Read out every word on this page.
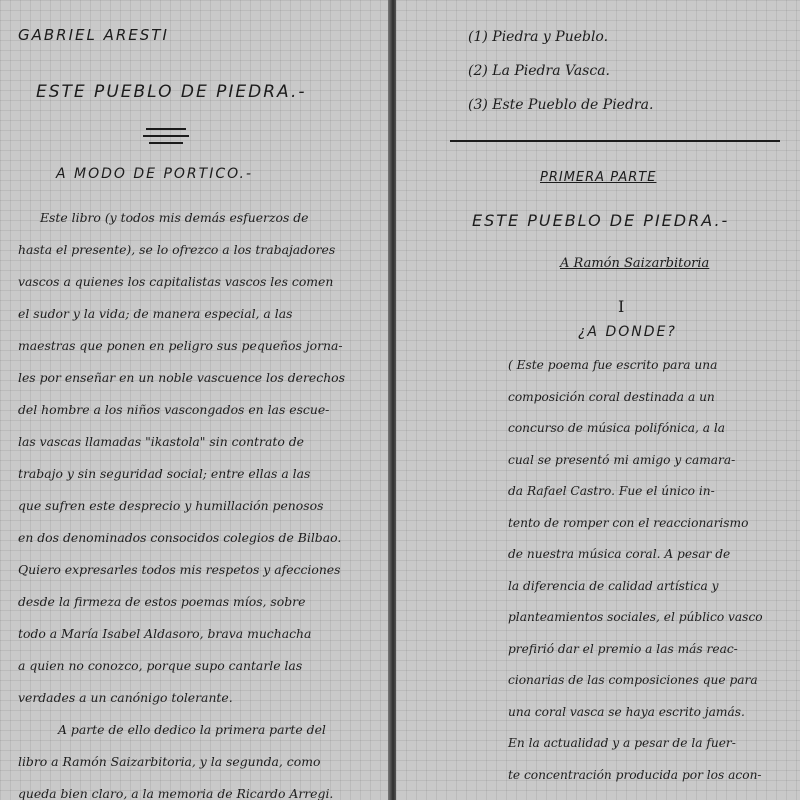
GABRIEL ARESTI
ESTE PUEBLO DE PIEDRA.-
A MODO DE PORTICO.-
Este libro (y todos mis demás esfuerzos de
hasta el presente), se lo ofrezco a los trabajadores
vascos a quienes los capitalistas vascos les comen
el sudor y la vida; de manera especial, a las
maestras que ponen en peligro sus pequeños jorna-
les por enseñar en un noble vascuence los derechos
del hombre a los niños vascongados en las escue-
las vascas llamadas "ikastola" sin contrato de
trabajo y sin seguridad social; entre ellas a las
que sufren este desprecio y humillación penosos
en dos denominados consocidos colegios de Bilbao.
Quiero expresarles todos mis respetos y afecciones
desde la firmeza de estos poemas míos, sobre
todo a María Isabel Aldasoro, brava muchacha
a quien no conozco, porque supo cantarle las
verdades a un canónigo tolerante.
A parte de ello dedico la primera parte del
libro a Ramón Saizarbitoria, y la segunda, como
queda bien claro, a la memoria de Ricardo Arregi.
(1) Piedra y Pueblo.
(2) La Piedra Vasca.
(3) Este Pueblo de Piedra.
PRIMERA PARTE
ESTE PUEBLO DE PIEDRA.-
A Ramón Saizarbitoria
I
¿A DONDE?
( Este poema fue escrito para una
composición coral destinada a un
concurso de música polifónica, a la
cual se presentó mi amigo y camara-
da Rafael Castro. Fue el único in-
tento de romper con el reaccionarismo
de nuestra música coral. A pesar de
la diferencia de calidad artística y
planteamientos sociales, el público vasco
prefirió dar el premio a las más reac-
cionarias de las composiciones que para
una coral vasca se haya escrito jamás.
En la actualidad y a pesar de la fuer-
te concentración producida por los acon-
